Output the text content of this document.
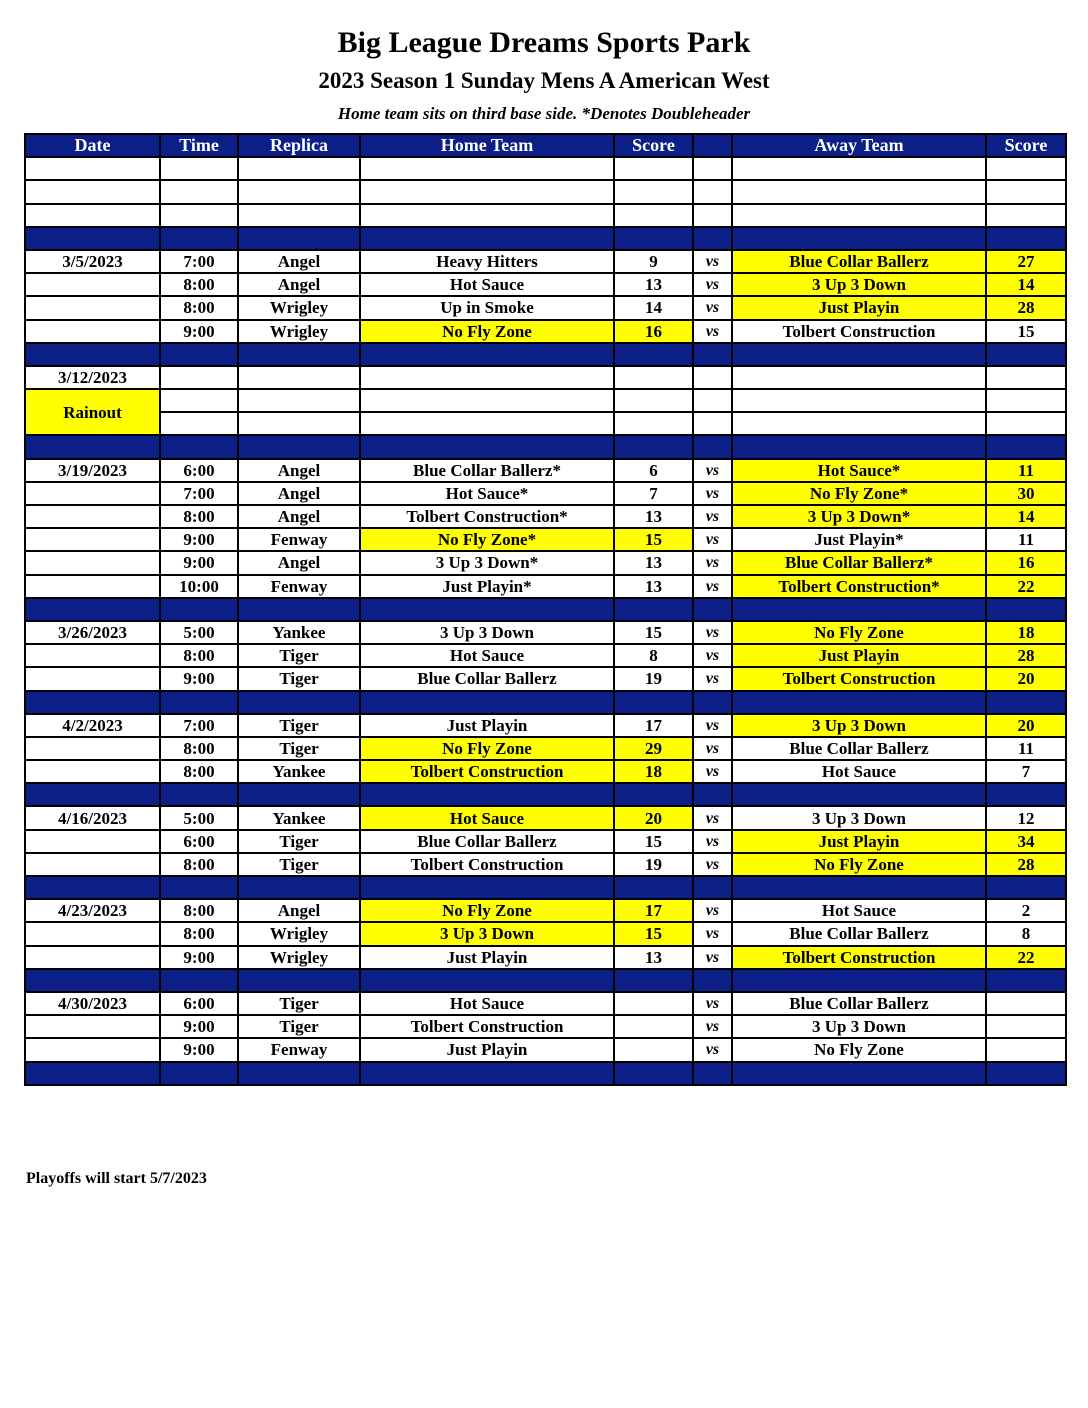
Big League Dreams Sports Park
2023 Season 1 Sunday Mens A American West
Home team sits on third base side. *Denotes Doubleheader
Date	Time	Replica	Home Team	Score		Away Team	Score

3/5/2023	7:00	Angel	Heavy Hitters	9	vs	Blue Collar Ballerz	27
	8:00	Angel	Hot Sauce	13	vs	3 Up 3 Down	14
	8:00	Wrigley	Up in Smoke	14	vs	Just Playin	28
	9:00	Wrigley	No Fly Zone	16	vs	Tolbert Construction	15

3/12/2023							
Rainout							

3/19/2023	6:00	Angel	Blue Collar Ballerz*	6	vs	Hot Sauce*	11
	7:00	Angel	Hot Sauce*	7	vs	No Fly Zone*	30
	8:00	Angel	Tolbert Construction*	13	vs	3 Up 3 Down*	14
	9:00	Fenway	No Fly Zone*	15	vs	Just Playin*	11
	9:00	Angel	3 Up 3 Down*	13	vs	Blue Collar Ballerz*	16
	10:00	Fenway	Just Playin*	13	vs	Tolbert Construction*	22

3/26/2023	5:00	Yankee	3 Up 3 Down	15	vs	No Fly Zone	18
	8:00	Tiger	Hot Sauce	8	vs	Just Playin	28
	9:00	Tiger	Blue Collar Ballerz	19	vs	Tolbert Construction	20

4/2/2023	7:00	Tiger	Just Playin	17	vs	3 Up 3 Down	20
	8:00	Tiger	No Fly Zone	29	vs	Blue Collar Ballerz	11
	8:00	Yankee	Tolbert Construction	18	vs	Hot Sauce	7

4/16/2023	5:00	Yankee	Hot Sauce	20	vs	3 Up 3 Down	12
	6:00	Tiger	Blue Collar Ballerz	15	vs	Just Playin	34
	8:00	Tiger	Tolbert Construction	19	vs	No Fly Zone	28

4/23/2023	8:00	Angel	No Fly Zone	17	vs	Hot Sauce	2
	8:00	Wrigley	3 Up 3 Down	15	vs	Blue Collar Ballerz	8
	9:00	Wrigley	Just Playin	13	vs	Tolbert Construction	22

4/30/2023	6:00	Tiger	Hot Sauce		vs	Blue Collar Ballerz	
	9:00	Tiger	Tolbert Construction		vs	3 Up 3 Down	
	9:00	Fenway	Just Playin		vs	No Fly Zone	

Playoffs will start 5/7/2023
